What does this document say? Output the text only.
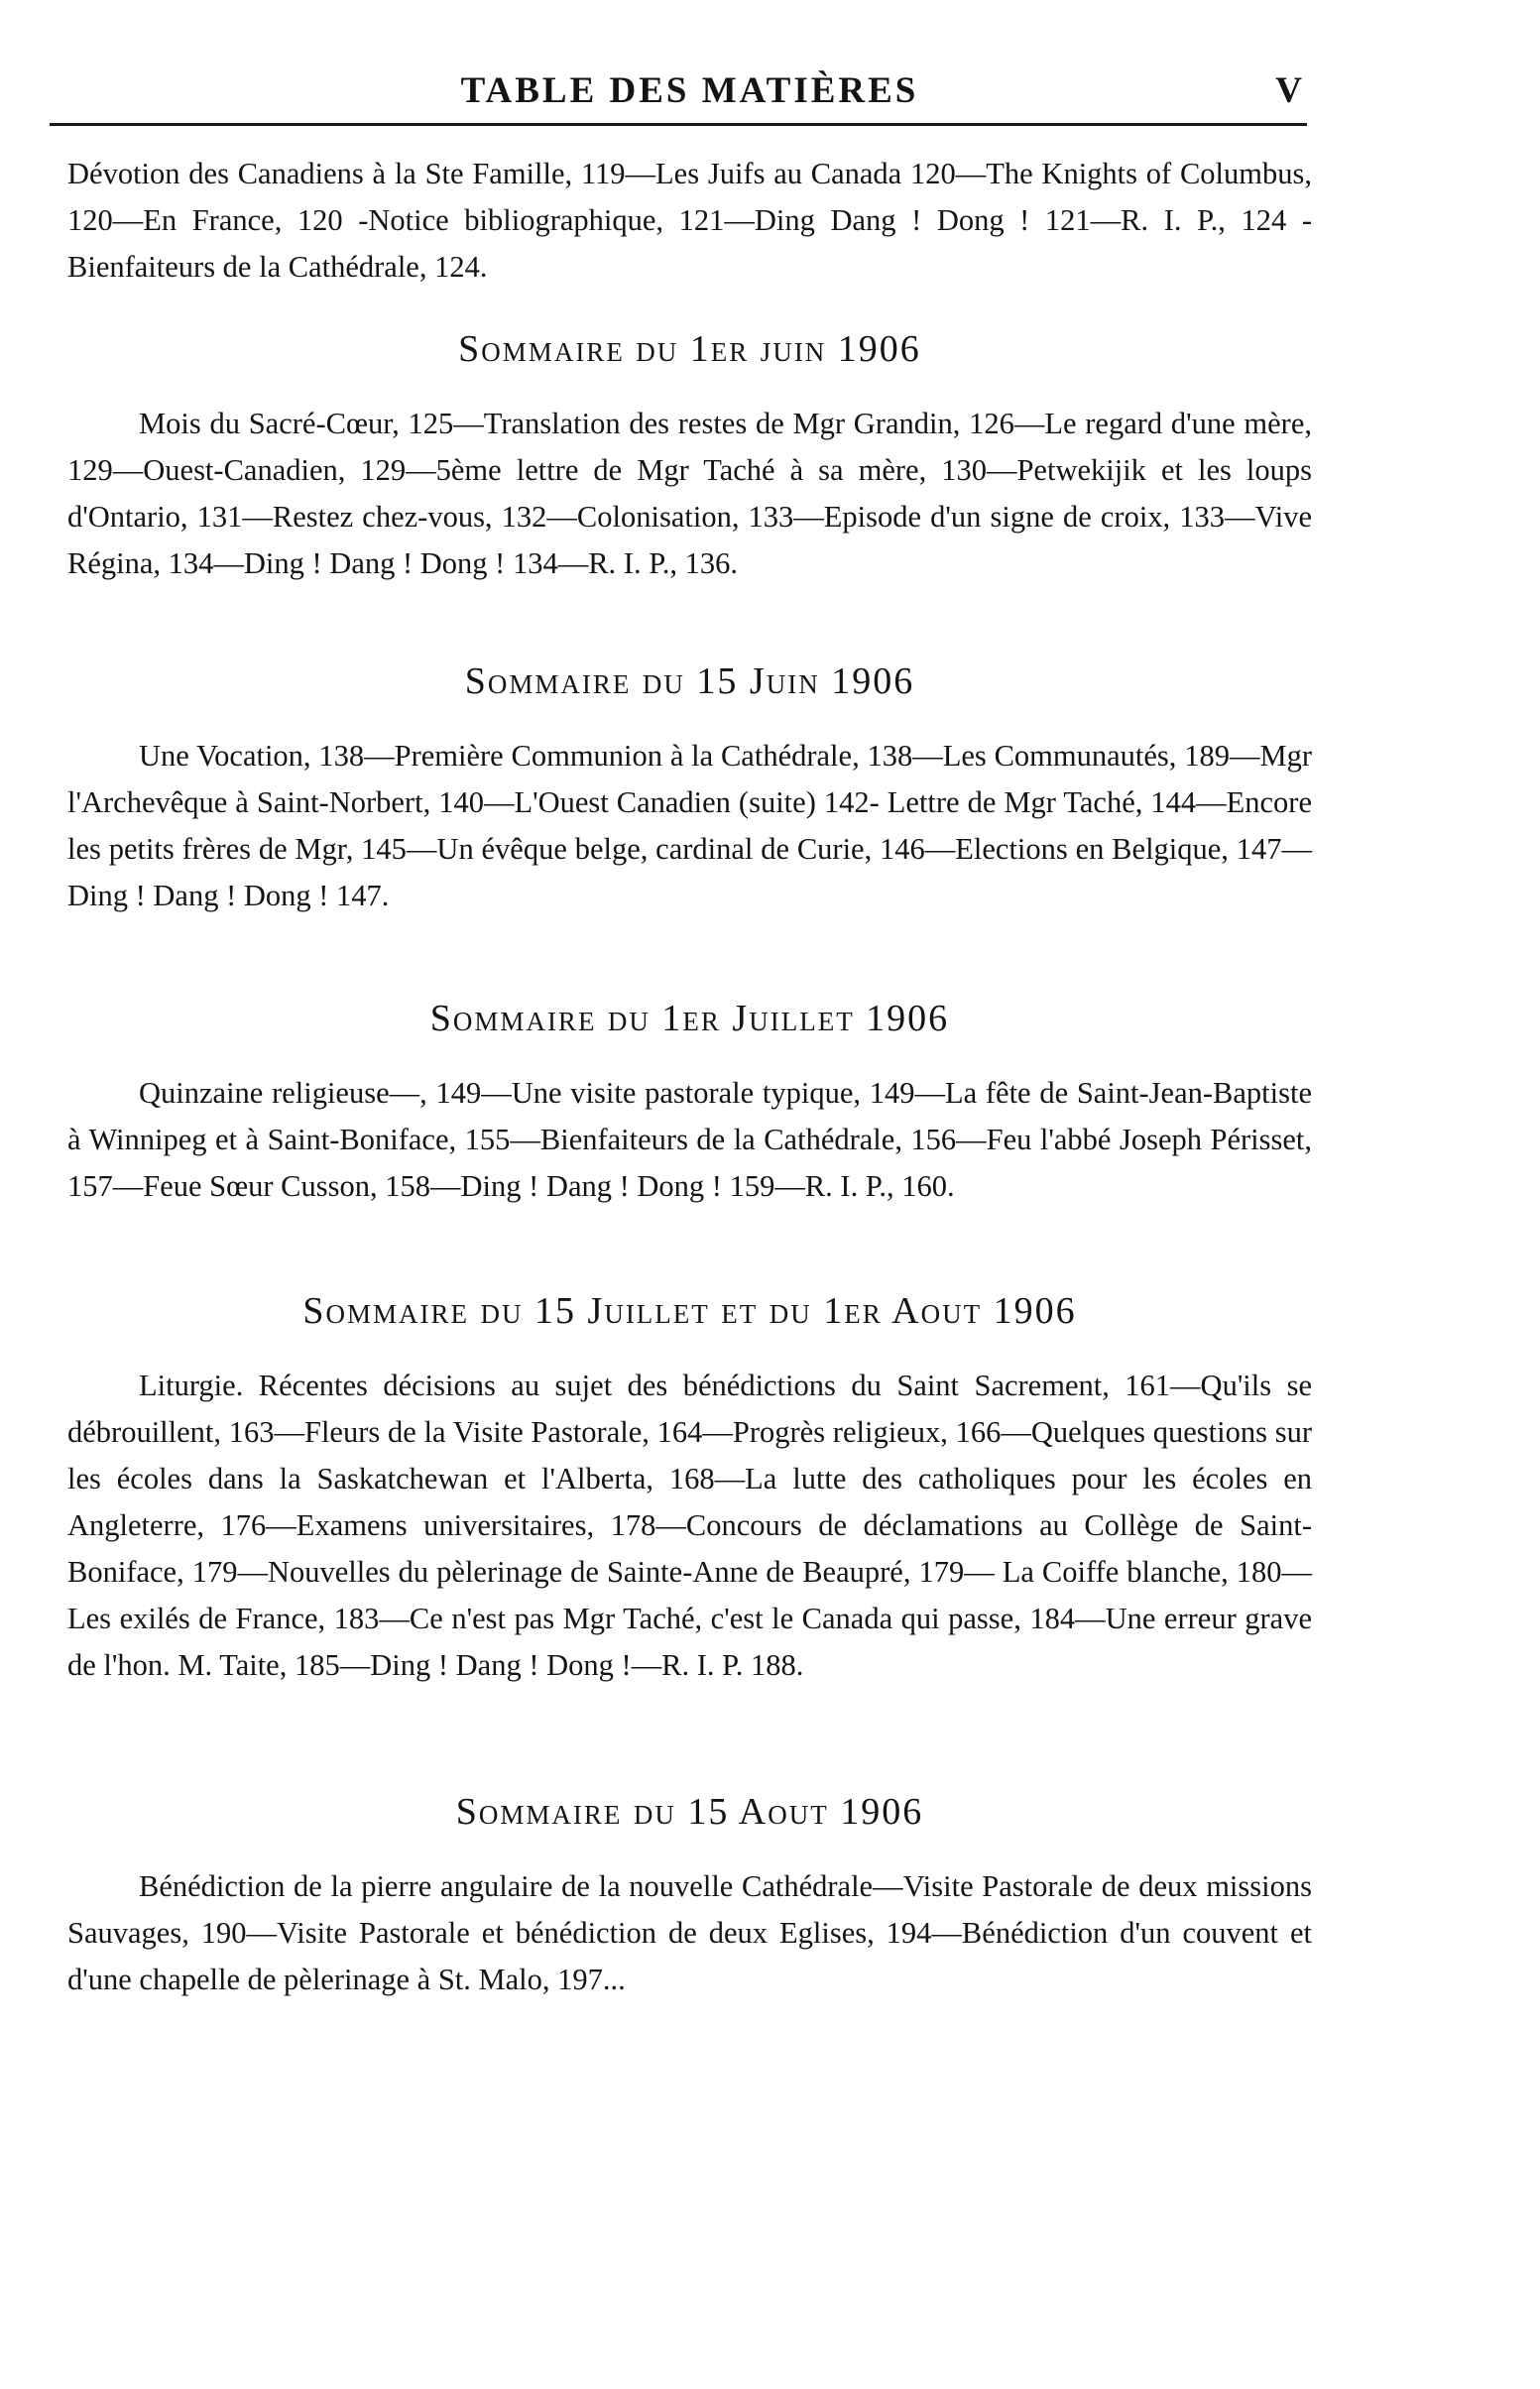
TABLE DES MATIÈRES	V

Dévotion des Canadiens à la Ste Famille, 119—Les Juifs au Canada 120—The Knights of Columbus, 120—En France, 120 -Notice bibliographique, 121—Ding Dang ! Dong ! 121—R. I. P., 124 -Bienfaiteurs de la Cathédrale, 124.

Sommaire du 1er juin 1906

Mois du Sacré-Cœur, 125—Translation des restes de Mgr Grandin, 126—Le regard d'une mère, 129—Ouest-Canadien, 129—5ème lettre de Mgr Taché à sa mère, 130—Petwekijik et les loups d'Ontario, 131—Restez chez-vous, 132—Colonisation, 133—Episode d'un signe de croix, 133—Vive Régina, 134—Ding ! Dang ! Dong ! 134—R. I. P., 136.

Sommaire du 15 Juin 1906

Une Vocation, 138—Première Communion à la Cathédrale, 138—Les Communautés, 189—Mgr l'Archevêque à Saint-Norbert, 140—L'Ouest Canadien (suite) 142- Lettre de Mgr Taché, 144—Encore les petits frères de Mgr, 145—Un évêque belge, cardinal de Curie, 146—Elections en Belgique, 147—Ding ! Dang ! Dong ! 147.

Sommaire du 1er Juillet 1906

Quinzaine religieuse—, 149—Une visite pastorale typique, 149—La fête de Saint-Jean-Baptiste à Winnipeg et à Saint-Boniface, 155—Bienfaiteurs de la Cathédrale, 156—Feu l'abbé Joseph Périsset, 157—Feue Sœur Cusson, 158—Ding ! Dang ! Dong ! 159—R. I. P., 160.

Sommaire du 15 Juillet et du 1er Aout 1906

Liturgie. Récentes décisions au sujet des bénédictions du Saint Sacrement, 161—Qu'ils se débrouillent, 163—Fleurs de la Visite Pastorale, 164—Progrès religieux, 166—Quelques questions sur les écoles dans la Saskatchewan et l'Alberta, 168—La lutte des catholiques pour les écoles en Angleterre, 176—Examens universitaires, 178—Concours de déclamations au Collège de Saint-Boniface, 179—Nouvelles du pèlerinage de Sainte-Anne de Beaupré, 179— La Coiffe blanche, 180—Les exilés de France, 183—Ce n'est pas Mgr Taché, c'est le Canada qui passe, 184—Une erreur grave de l'hon. M. Taite, 185—Ding ! Dang ! Dong !—R. I. P. 188.

Sommaire du 15 Aout 1906

Bénédiction de la pierre angulaire de la nouvelle Cathédrale—Visite Pastorale de deux missions Sauvages, 190—Visite Pastorale et bénédiction de deux Eglises, 194—Bénédiction d'un couvent et d'une chapelle de pèlerinage à St. Malo, 197...
